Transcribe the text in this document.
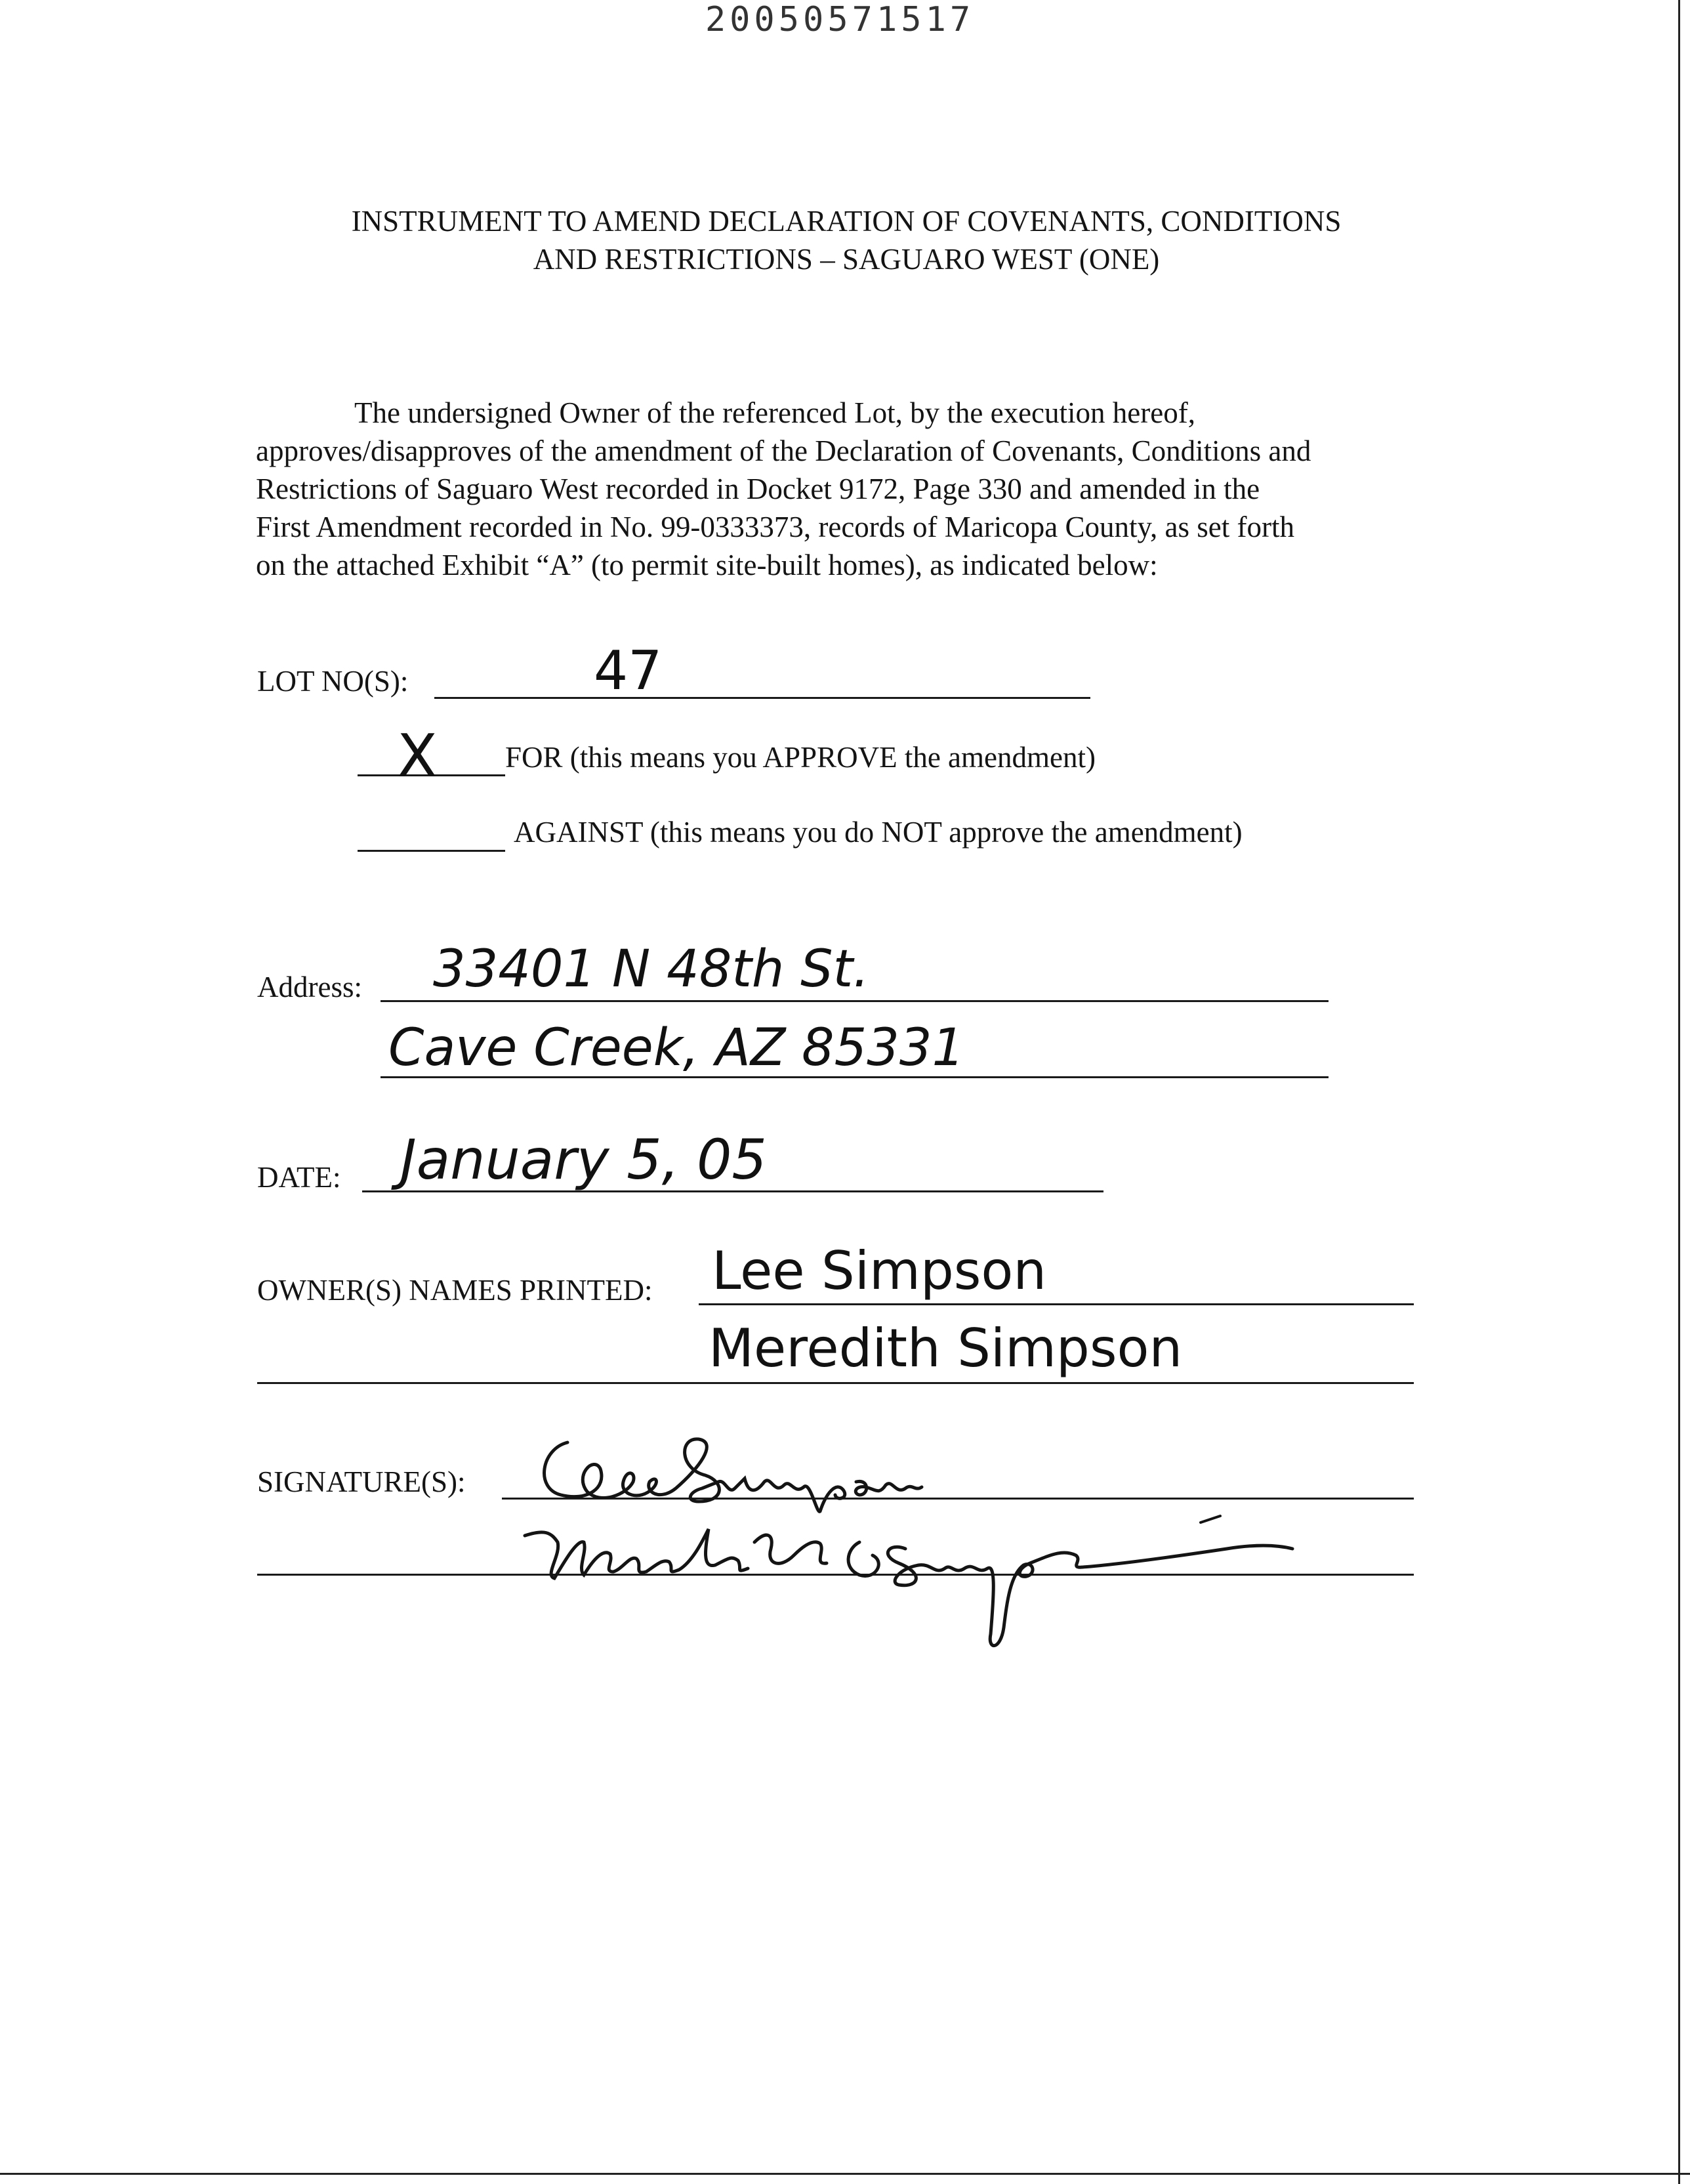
20050571517
INSTRUMENT TO AMEND DECLARATION OF COVENANTS, CONDITIONS
AND RESTRICTIONS – SAGUARO WEST (ONE)
The undersigned Owner of the referenced Lot, by the execution hereof,
approves/disapproves of the amendment of the Declaration of Covenants, Conditions and
Restrictions of Saguaro West recorded in Docket 9172, Page 330 and amended in the
First Amendment recorded in No. 99-0333373, records of Maricopa County, as set forth
on the attached Exhibit “A” (to permit site-built homes), as indicated below:
LOT NO(S):	47
X FOR (this means you APPROVE the amendment)
AGAINST (this means you do NOT approve the amendment)
Address: 33401 N 48th St.
Cave Creek, AZ 85331
DATE: January 5, 05
OWNER(S) NAMES PRINTED: Lee Simpson
Meredith Simpson
SIGNATURE(S):
